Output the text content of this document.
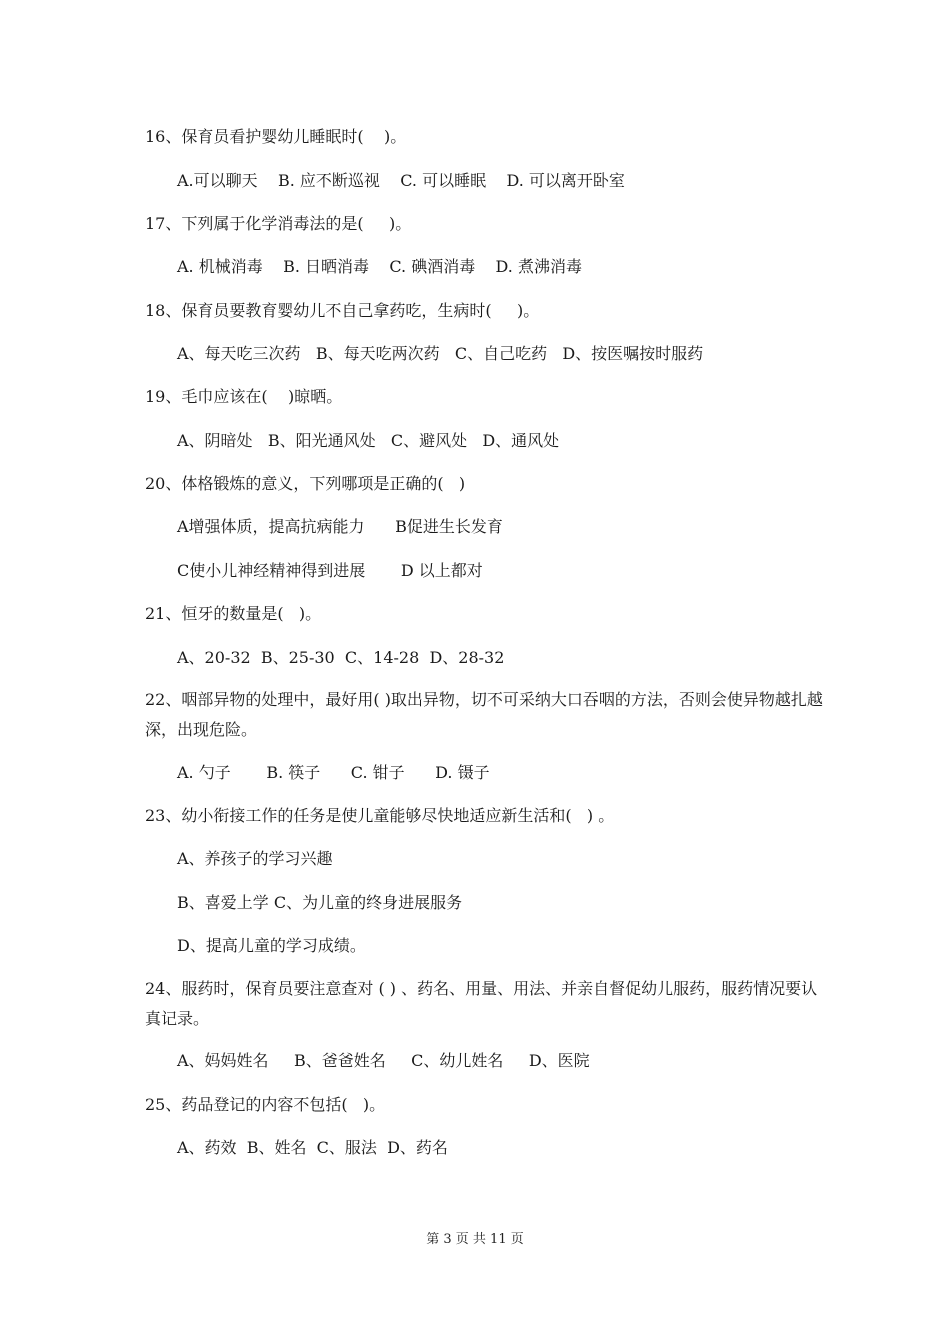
16、保育员看护婴幼儿睡眠时(    )。
A.可以聊天    B. 应不断巡视    C. 可以睡眠    D. 可以离开卧室
17、下列属于化学消毒法的是(     )。
A. 机械消毒    B. 日晒消毒    C. 碘酒消毒    D. 煮沸消毒
18、保育员要教育婴幼儿不自己拿药吃，生病时(     )。
A、每天吃三次药   B、每天吃两次药   C、自己吃药   D、按医嘱按时服药
19、毛巾应该在(    )晾晒。
A、阴暗处   B、阳光通风处   C、避风处   D、通风处
20、体格锻炼的意义，下列哪项是正确的(   )
A增强体质，提高抗病能力      B促进生长发育
C使小儿神经精神得到进展       D 以上都对
21、恒牙的数量是(   )。
A、20-32  B、25-30  C、14-28  D、28-32
22、咽部异物的处理中，最好用( )取出异物，切不可采纳大口吞咽的方法，否则会使异物越扎越深，出现危险。
A. 勺子       B. 筷子      C. 钳子      D. 镊子
23、幼小衔接工作的任务是使儿童能够尽快地适应新生活和(   ) 。
A、养孩子的学习兴趣
B、喜爱上学 C、为儿童的终身进展服务
D、提高儿童的学习成绩。
24、服药时，保育员要注意查对 ( ) 、药名、用量、用法、并亲自督促幼儿服药，服药情况要认真记录。
A、妈妈姓名     B、爸爸姓名     C、幼儿姓名     D、医院
25、药品登记的内容不包括(   )。
A、药效  B、姓名  C、服法  D、药名
第 3 页 共 11 页
